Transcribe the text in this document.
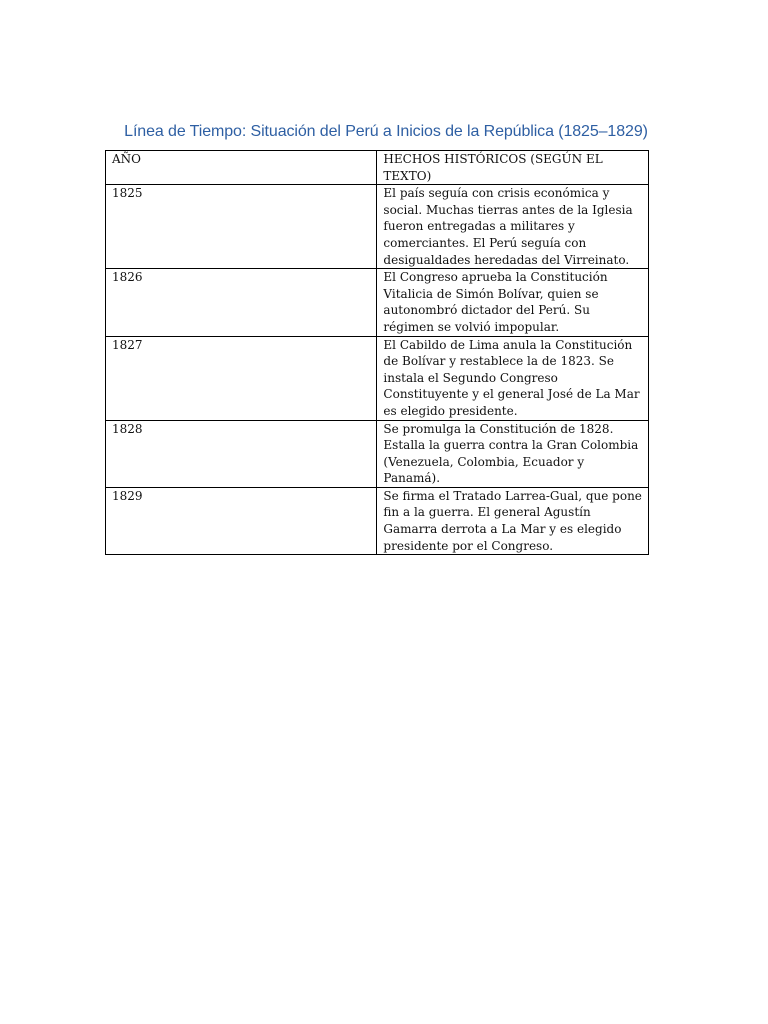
Línea de Tiempo: Situación del Perú a Inicios de la República (1825–1829)
AÑO	HECHOS HISTÓRICOS (SEGÚN EL TEXTO)
1825	El país seguía con crisis económica y social. Muchas tierras antes de la Iglesia fueron entregadas a militares y comerciantes. El Perú seguía con desigualdades heredadas del Virreinato.
1826	El Congreso aprueba la Constitución Vitalicia de Simón Bolívar, quien se autonombró dictador del Perú. Su régimen se volvió impopular.
1827	El Cabildo de Lima anula la Constitución de Bolívar y restablece la de 1823. Se instala el Segundo Congreso Constituyente y el general José de La Mar es elegido presidente.
1828	Se promulga la Constitución de 1828. Estalla la guerra contra la Gran Colombia (Venezuela, Colombia, Ecuador y Panamá).
1829	Se firma el Tratado Larrea-Gual, que pone fin a la guerra. El general Agustín Gamarra derrota a La Mar y es elegido presidente por el Congreso.
